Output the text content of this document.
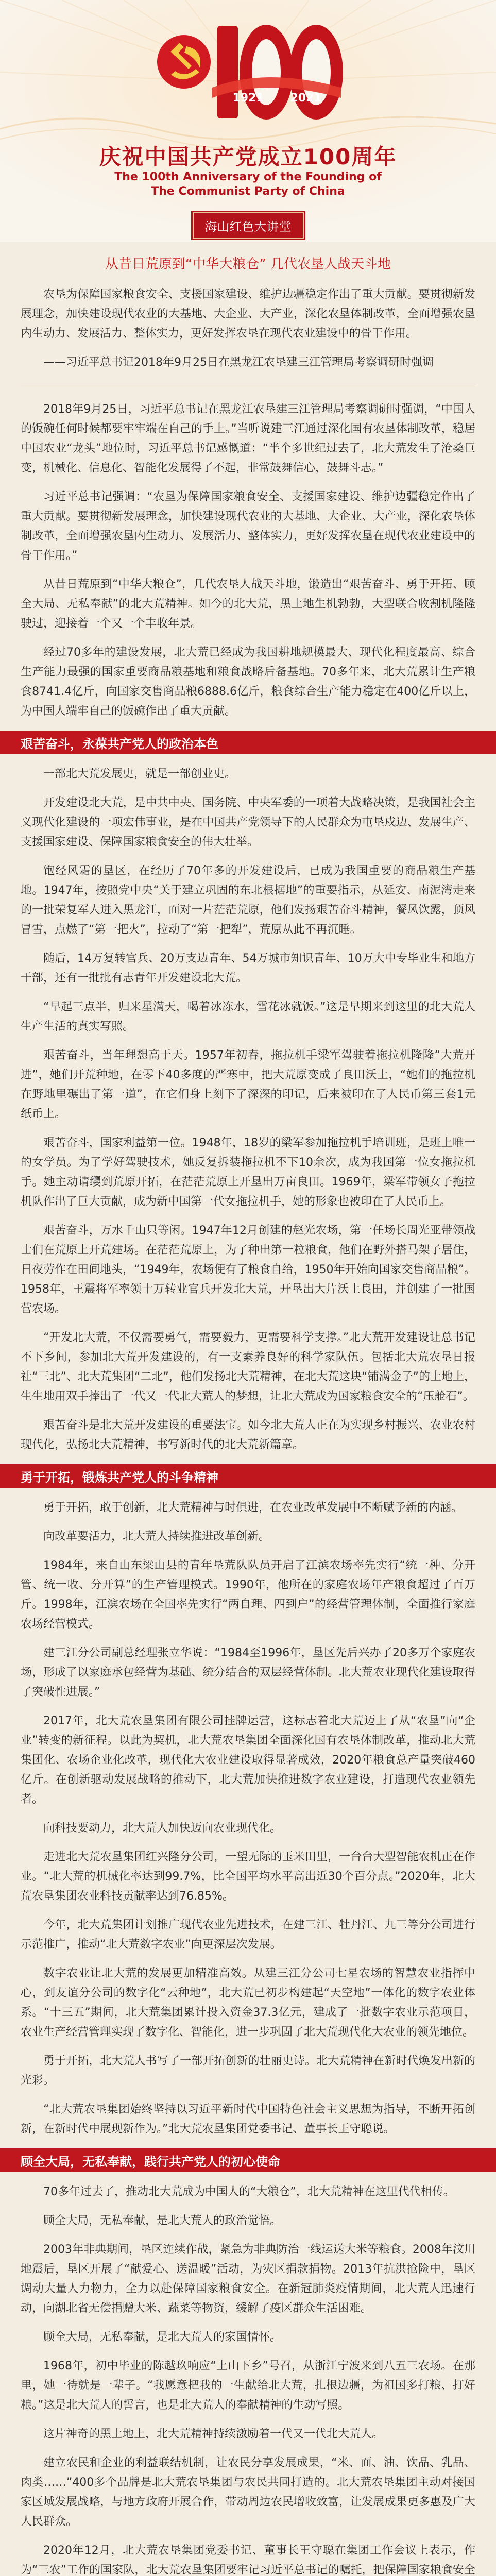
1921 2021
庆祝中国共产党成立100周年
The 100th Anniversary of the Founding of The Communist Party of China
海山红色大讲堂
从昔日荒原到“中华大粮仓” 几代农垦人战天斗地

农垦为保障国家粮食安全、支援国家建设、维护边疆稳定作出了重大贡献。要贯彻新发展理念，加快建设现代农业的大基地、大企业、大产业，深化农垦体制改革，全面增强农垦内生动力、发展活力、整体实力，更好发挥农垦在现代农业建设中的骨干作用。

——习近平总书记2018年9月25日在黑龙江农垦建三江管理局考察调研时强调

2018年9月25日，习近平总书记在黑龙江农垦建三江管理局考察调研时强调，“中国人的饭碗任何时候都要牢牢端在自己的手上。”当听说建三江通过深化国有农垦体制改革，稳居中国农业“龙头”地位时，习近平总书记感慨道：“半个多世纪过去了，北大荒发生了沧桑巨变，机械化、信息化、智能化发展得了不起，非常鼓舞信心，鼓舞斗志。”

习近平总书记强调：“农垦为保障国家粮食安全、支援国家建设、维护边疆稳定作出了重大贡献。要贯彻新发展理念，加快建设现代农业的大基地、大企业、大产业，深化农垦体制改革，全面增强农垦内生动力、发展活力、整体实力，更好发挥农垦在现代农业建设中的骨干作用。”

从昔日荒原到“中华大粮仓”，几代农垦人战天斗地，锻造出“艰苦奋斗、勇于开拓、顾全大局、无私奉献”的北大荒精神。如今的北大荒，黑土地生机勃勃，大型联合收割机隆隆驶过，迎接着一个又一个丰收年景。

经过70多年的建设发展，北大荒已经成为我国耕地规模最大、现代化程度最高、综合生产能力最强的国家重要商品粮基地和粮食战略后备基地。70多年来，北大荒累计生产粮食8741.4亿斤，向国家交售商品粮6888.6亿斤，粮食综合生产能力稳定在400亿斤以上，为中国人端牢自己的饭碗作出了重大贡献。

艰苦奋斗，永葆共产党人的政治本色

一部北大荒发展史，就是一部创业史。

开发建设北大荒，是中共中央、国务院、中央军委的一项着大战略决策，是我国社会主义现代化建设的一项宏伟事业，是在中国共产党领导下的人民群众为屯垦戍边、发展生产、支援国家建设、保障国家粮食安全的伟大壮举。

饱经风霜的垦区，在经历了70年多的开发建设后，已成为我国重要的商品粮生产基地。1947年，按照党中央“关于建立巩固的东北根据地”的重要指示，从延安、南泥湾走来的一批荣复军人进入黑龙江，面对一片茫茫荒原，他们发扬艰苦奋斗精神，餐风饮露，顶风冒雪，点燃了“第一把火”，拉动了“第一把犁”，荒原从此不再沉睡。

随后，14万复转官兵、20万支边青年、54万城市知识青年、10万大中专毕业生和地方干部，还有一批批有志青年开发建设北大荒。

“早起三点半，归来星满天，喝着冰冻水，雪花冰就饭。”这是早期来到这里的北大荒人生产生活的真实写照。

艰苦奋斗，当年理想高于天。1957年初春，拖拉机手梁军驾驶着拖拉机隆隆“大荒开进”，她们开荒种地，在零下40多度的严寒中，把大荒原变成了良田沃土，“她们的拖拉机在野地里碾出了第一道”，在它们身上刻下了深深的印记，后来被印在了人民币第三套1元纸币上。

艰苦奋斗，国家利益第一位。1948年，18岁的梁军参加拖拉机手培训班，是班上唯一的女学员。为了学好驾驶技术，她反复拆装拖拉机不下10余次，成为我国第一位女拖拉机手。她主动请缨到荒原开拓，在茫茫荒原上开垦出万亩良田。1969年，梁军带领女子拖拉机队作出了巨大贡献，成为新中国第一代女拖拉机手，她的形象也被印在了人民币上。

艰苦奋斗，万水千山只等闲。1947年12月创建的赵光农场，第一任场长周光亚带领战士们在荒原上开荒建场。在茫茫荒原上，为了种出第一粒粮食，他们在野外搭马架子居住，日夜劳作在田间地头，“1949年，农场便有了粮食自给，1950年开始向国家交售商品粮”。1958年，王震将军率领十万转业官兵开发北大荒，开垦出大片沃土良田，并创建了一批国营农场。

“开发北大荒，不仅需要勇气，需要毅力，更需要科学支撑。”北大荒开发建设让总书记不下乡间，参加北大荒开发建设的，有一支素养良好的科学家队伍。包括北大荒农垦日报社“三北”、北大荒集团“二北”，他们发扬北大荒精神，在北大荒这块“铺满金子”的土地上，生生地用双手捧出了一代又一代北大荒人的梦想，让北大荒成为国家粮食安全的“压舱石”。

艰苦奋斗是北大荒开发建设的重要法宝。如今北大荒人正在为实现乡村振兴、农业农村现代化，弘扬北大荒精神，书写新时代的北大荒新篇章。

勇于开拓，锻炼共产党人的斗争精神

勇于开拓，敢于创新，北大荒精神与时俱进，在农业改革发展中不断赋予新的内涵。

向改革要活力，北大荒人持续推进改革创新。

1984年，来自山东梁山县的青年垦荒队队员开启了江滨农场率先实行“统一种、分开管、统一收、分开算”的生产管理模式。1990年，他所在的家庭农场年产粮食超过了百万斤。1998年，江滨农场在全国率先实行“两自理、四到户”的经营管理体制，全面推行家庭农场经营模式。

建三江分公司副总经理张立华说：“1984至1996年，垦区先后兴办了20多万个家庭农场，形成了以家庭承包经营为基础、统分结合的双层经营体制。北大荒农业现代化建设取得了突破性进展。”

2017年，北大荒农垦集团有限公司挂牌运营，这标志着北大荒迈上了从“农垦”向“企业”转变的新征程。以此为契机，北大荒农垦集团全面深化国有农垦体制改革，推动北大荒集团化、农场企业化改革，现代化大农业建设取得显著成效，2020年粮食总产量突破460亿斤。在创新驱动发展战略的推动下，北大荒加快推进数字农业建设，打造现代农业领先者。

向科技要动力，北大荒人加快迈向农业现代化。

走进北大荒农垦集团红兴隆分公司，一望无际的玉米田里，一台台大型智能农机正在作业。“北大荒的机械化率达到99.7%，比全国平均水平高出近30个百分点。”2020年，北大荒农垦集团农业科技贡献率达到76.85%。

今年，北大荒集团计划推广现代农业先进技术，在建三江、牡丹江、九三等分公司进行示范推广，推动“北大荒数字农业”向更深层次发展。

数字农业让北大荒的发展更加精准高效。从建三江分公司七星农场的智慧农业指挥中心，到友谊分公司的数字化“云种地”，北大荒已初步构建起“天空地”一体化的数字农业体系。“十三五”期间，北大荒集团累计投入资金37.3亿元，建成了一批数字农业示范项目，农业生产经营管理实现了数字化、智能化，进一步巩固了北大荒现代化大农业的领先地位。

勇于开拓，北大荒人书写了一部开拓创新的壮丽史诗。北大荒精神在新时代焕发出新的光彩。

“北大荒农垦集团始终坚持以习近平新时代中国特色社会主义思想为指导，不断开拓创新，在新时代中展现新作为。”北大荒农垦集团党委书记、董事长王守聪说。

顾全大局，无私奉献，践行共产党人的初心使命

70多年过去了，推动北大荒成为中国人的“大粮仓”，北大荒精神在这里代代相传。

顾全大局，无私奉献，是北大荒人的政治觉悟。

2003年非典期间，垦区连续作战，紧急为非典防治一线运送大米等粮食。2008年汶川地震后，垦区开展了“献爱心、送温暖”活动，为灾区捐款捐物。2013年抗洪抢险中，垦区调动大量人力物力，全力以赴保障国家粮食安全。在新冠肺炎疫情期间，北大荒人迅速行动，向湖北省无偿捐赠大米、蔬菜等物资，缓解了疫区群众生活困难。

顾全大局，无私奉献，是北大荒人的家国情怀。

1968年，初中毕业的陈越玖响应“上山下乡”号召，从浙江宁波来到八五三农场。在那里，她一待就是一辈子。“我愿意把我的一生献给北大荒，扎根边疆，为祖国多打粮、打好粮。”这是北大荒人的誓言，也是北大荒人的奉献精神的生动写照。

这片神奇的黑土地上，北大荒精神持续激励着一代又一代北大荒人。

建立农民和企业的利益联结机制，让农民分享发展成果，“米、面、油、饮品、乳品、肉类……”400多个品牌是北大荒农垦集团与农民共同打造的。北大荒农垦集团主动对接国家区域发展战略，与地方政府开展合作，带动周边农民增收致富，让发展成果更多惠及广大人民群众。

2020年12月，北大荒农垦集团党委书记、董事长王守聪在集团工作会议上表示，作为“三农”工作的国家队，北大荒农垦集团要牢记习近平总书记的嘱托，把保障国家粮食安全
